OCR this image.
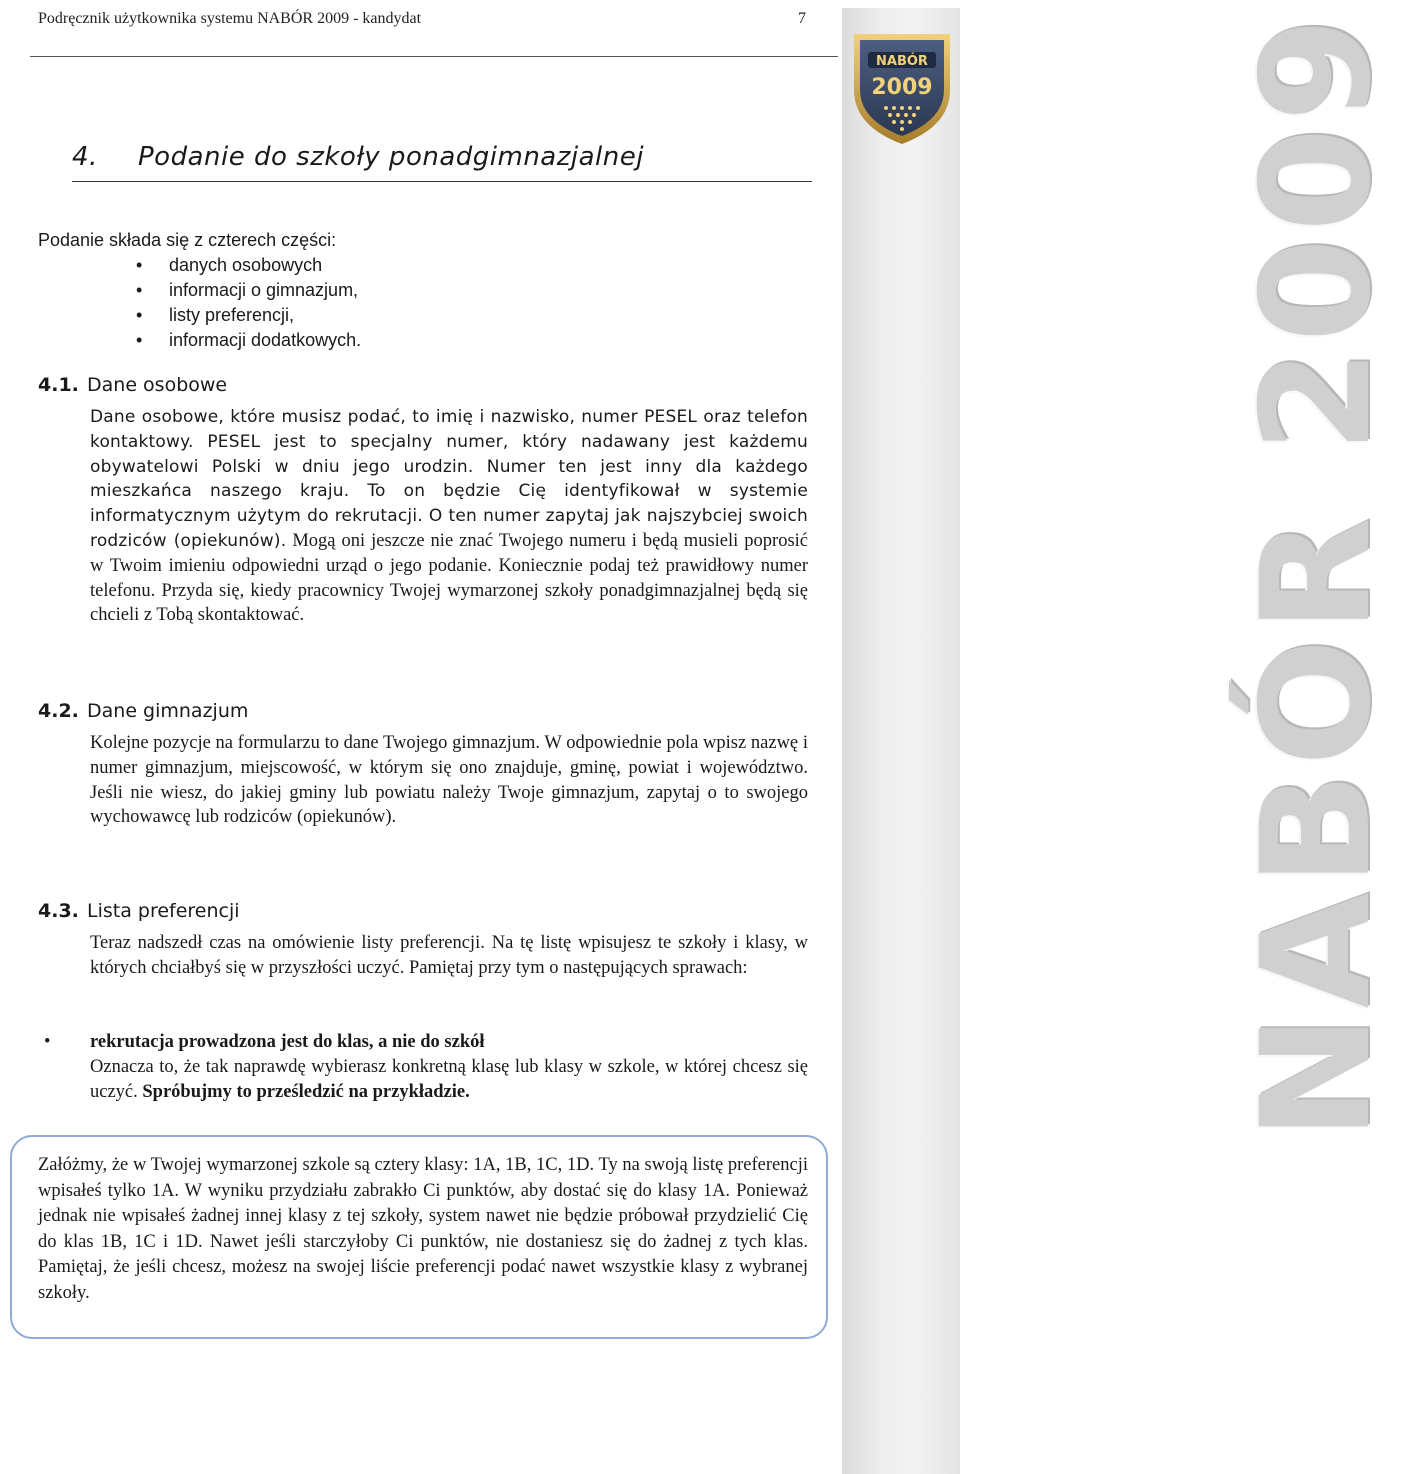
NABÓR 2009
NABÓR
2009
Podręcznik użytkownika systemu NABÓR 2009 - kandydat	7
4. Podanie do szkoły ponadgimnazjalnej
Podanie składa się z czterech części:
• danych osobowych
• informacji o gimnazjum,
• listy preferencji,
• informacji dodatkowych.
4.1. Dane osobowe
Dane osobowe, które musisz podać, to imię i nazwisko, numer PESEL oraz telefon kontaktowy. PESEL jest to specjalny numer, który nadawany jest każdemu obywatelowi Polski w dniu jego urodzin. Numer ten jest inny dla każdego mieszkańca naszego kraju. To on będzie Cię identyfikował w systemie informatycznym użytym do rekrutacji. O ten numer zapytaj jak najszybciej swoich rodziców (opiekunów). Mogą oni jeszcze nie znać Twojego numeru i będą musieli poprosić w Twoim imieniu odpowiedni urząd o jego podanie. Koniecznie podaj też prawidłowy numer telefonu. Przyda się, kiedy pracownicy Twojej wymarzonej szkoły ponadgimnazjalnej będą się chcieli z Tobą skontaktować.
4.2. Dane gimnazjum
Kolejne pozycje na formularzu to dane Twojego gimnazjum. W odpowiednie pola wpisz nazwę i numer gimnazjum, miejscowość, w którym się ono znajduje, gminę, powiat i województwo. Jeśli nie wiesz, do jakiej gminy lub powiatu należy Twoje gimnazjum, zapytaj o to swojego wychowawcę lub rodziców (opiekunów).
4.3. Lista preferencji
Teraz nadszedł czas na omówienie listy preferencji. Na tę listę wpisujesz te szkoły i klasy, w których chciałbyś się w przyszłości uczyć. Pamiętaj przy tym o następujących sprawach:
• rekrutacja prowadzona jest do klas, a nie do szkół
Oznacza to, że tak naprawdę wybierasz konkretną klasę lub klasy w szkole, w której chcesz się uczyć. Spróbujmy to prześledzić na przykładzie.
Załóżmy, że w Twojej wymarzonej szkole są cztery klasy: 1A, 1B, 1C, 1D. Ty na swoją listę preferencji wpisałeś tylko 1A. W wyniku przydziału zabrakło Ci punktów, aby dostać się do klasy 1A. Ponieważ jednak nie wpisałeś żadnej innej klasy z tej szkoły, system nawet nie będzie próbował przydzielić Cię do klas 1B, 1C i 1D. Nawet jeśli starczyłoby Ci punktów, nie dostaniesz się do żadnej z tych klas. Pamiętaj, że jeśli chcesz, możesz na swojej liście preferencji podać nawet wszystkie klasy z wybranej szkoły.
